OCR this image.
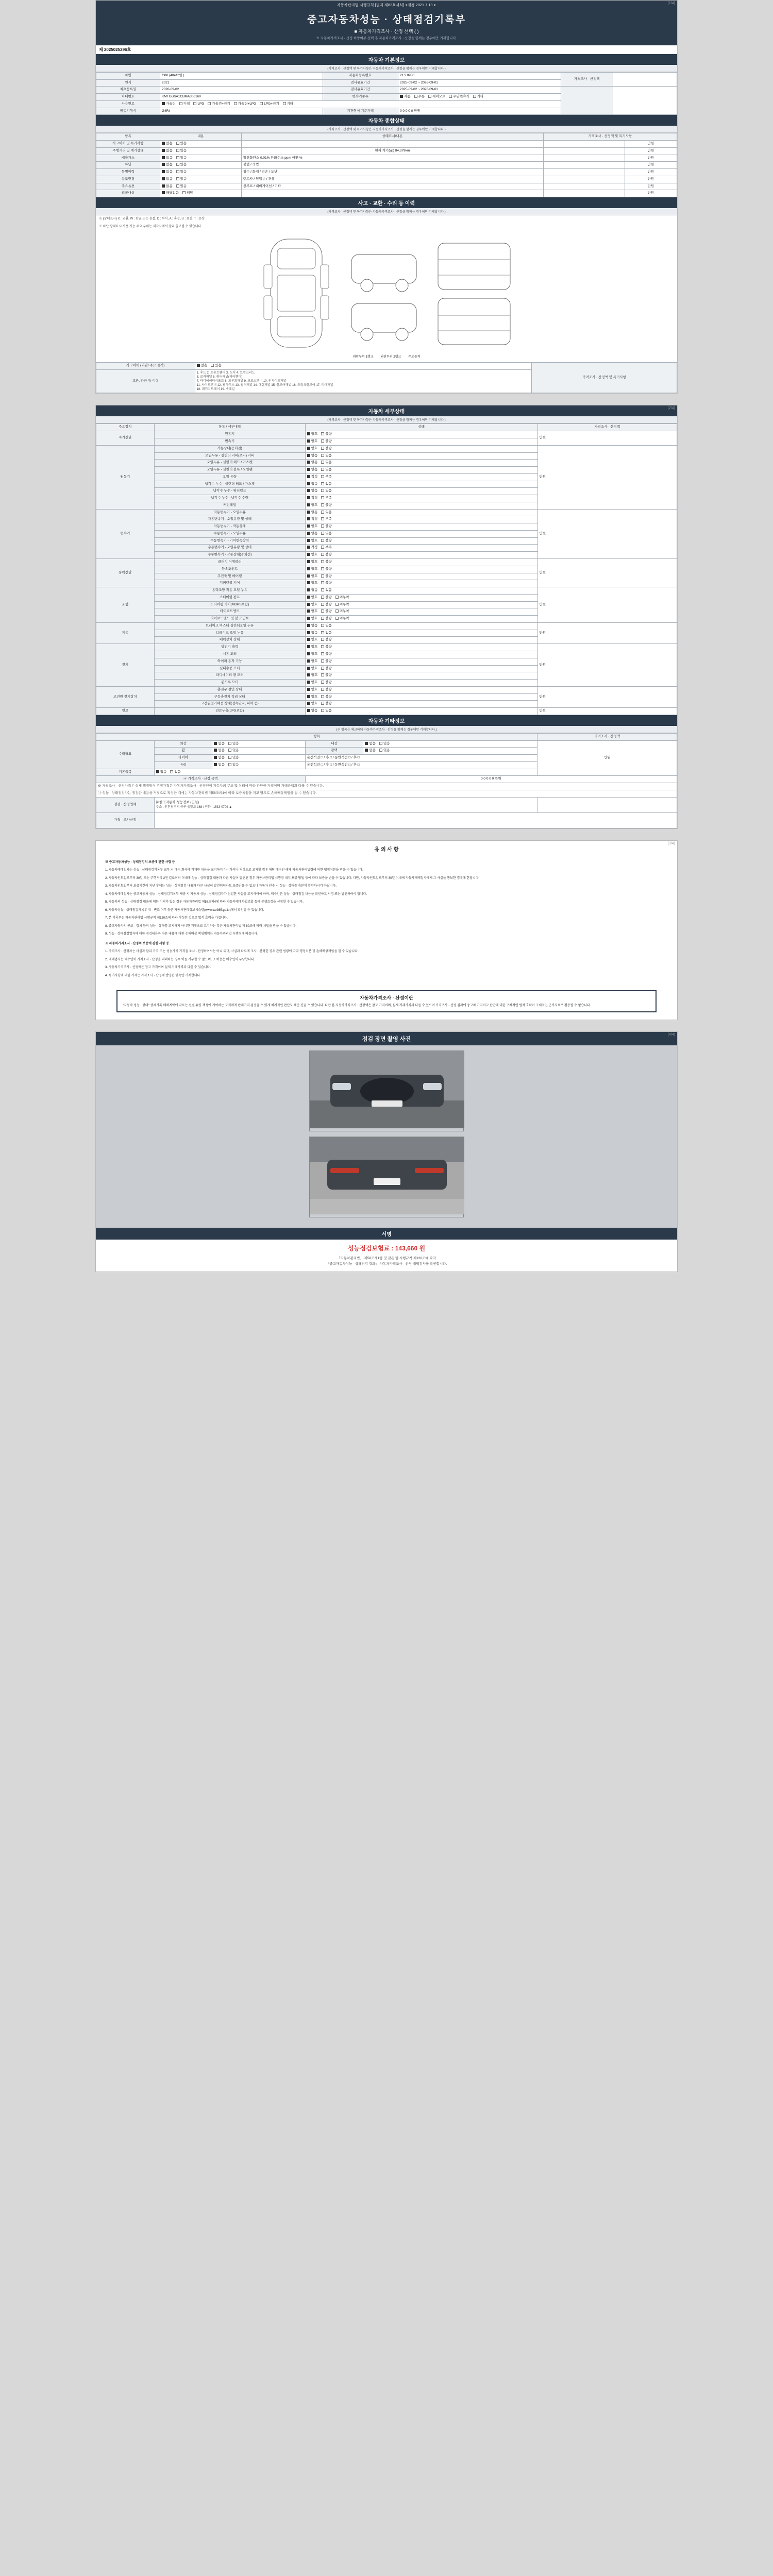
(1/4)
자동차관리법 시행규칙 [별지 제82호서식] <개정 2021.7.13.>
중고자동차성능 · 상태점검기록부
■ 자동차가격조사 · 산정 선택 ( )
※ 자동차가격조사 · 산정 희망여부 선택 후 자동차가격조사 · 산정을 함께는 경우에만 기재합니다.
제 2025025296호
자동차 기본정보
(가격조사 · 산정액 및 특기사항은 자동차가격조사 · 산정을 함께는 경우에만 기재합니다.)
차명	G80 (40e탁일 )	자동차등록번호	21모8980	가격조사 · 산정액	
연식	2021	검사유효기간	2025-09-02 ~ 2026-09-01		
최초등록일	2020-09-02	검사유효기간	2025-09-02 ~ 2026-09-01		
차대번호	KMTGB&A1CBMA306160	변속기종류	자동 수동 세미오토 무단변속기 기타		
사용연료	가솔린 디젤 LPG 가솔린+전기 가솔린+LPG LPG+전기 기타				
원동기형식	G4RI	기관형식 기준가격	0 0 0 0 0 만원		
자동차 종합상태
(가격조사 · 산정액 및 특기사항은 자동차가격조사 · 산정을 함께는 경우에만 기재합니다.)
항목	내용	상태표시/내용	가격조사 · 산정액 및 특기사항	
사고이력 및 특기사항	없음 있음			만원
주행거리 및 계기상태	없음 있음	현재 계기(㎞) 84,379km		만원
배출가스	없음 있음	일산화탄소 0.01% 탄화수소 ppm 매연 %		만원
튜닝	없음 있음	불법 / 적법		만원
특별이력	없음 있음	침수 / 화재 / 전손 / 도난		만원
용도변경	없음 있음	렌트카 / 영업용 / 관용		만원
주요옵션	없음 있음	선루프 / 내비게이션 / 기타		만원
리콜대상	해당없음 해당			만원
사고 · 교환 · 수리 등 이력
(가격조사 · 산정액 및 특기사항은 자동차가격조사 · 산정을 함께는 경우에만 기재합니다.)
※ (상태표시) X : 교환, W : 판금 또는 용접, C : 부식, A : 흠집, U : 요철, T : 손상
※ 하단 상태표시 사용 가능 주요 부위는 제작사에서 달리 출고될 수 있습니다.
외판부위 1랭크 외판부위 2랭크 주요골격
사고이력 (외판/ 주요 골격)	없음 있음	가격조사 · 산정액 및 특기사항
교환, 판금 등 이력	1. 후드 2. 프론트휀더 3. 도어 4. 트렁크리드
5. 로커패널 6. 쿼터패널(리어휀더)
7. 라디에이터서포트 8. 프론트패널 9. 크로스멤버 10. 인사이드패널
11. 사이드멤버 12. 휠하우스 13. 필러패널 14. 대쉬패널 15. 플로어패널 16. 트렁크플로어 17. 리어패널
18. 패키지트레이 19. 백패널	
(2/4)
자동차 세부상태
(가격조사 · 산정액 및 특기사항은 자동차가격조사 · 산정을 함께는 경우에만 기재합니다.)
주요장치	항목 / 세부내역	상태	가격조사 · 산정액
자기진단	원동기	양호 불량	만원
	변속기	양호 불량	
원동기	작동상태(공회전)	양호 불량	만원
	오일누유 - 실린더 커버(로커) 커버	없음 있음	
	오일누유 - 실린더 헤드 / 가스켓	없음 있음	
	오일누유 - 실린더 블록 / 오일팬	없음 있음	
	오일 유량	적정 부족	
	냉각수 누수 - 실린더 헤드 / 가스켓	없음 있음	
	냉각수 누수 - 워터펌프	없음 있음	
	냉각수 누수 - 냉각수 수량	적정 부족	
	커먼레일	양호 불량	
변속기	자동변속기 - 오일누유	없음 있음	만원
	자동변속기 - 오일유량 및 상태	적정 부족	
	자동변속기 - 작동상태	양호 불량	
	수동변속기 - 오일누유	없음 있음	
	수동변속기 - 기어변속장치	양호 불량	
	수동변속기 - 오일유량 및 상태	적정 부족	
	수동변속기 - 작동상태(공회전)	양호 불량	
동력전달	클러치 어셈블리	양호 불량	만원
	등속조인트	양호 불량	
	추진축 및 베어링	양호 불량	
	디퍼렌셜 기어	양호 불량	
조향	동력조향 작동 오일 누유	없음 있음	만원
	스티어링 펌프	양호 불량 미부착	
	스티어링 기어(MDPS포함)	양호 불량 미부착	
	타이로드엔드	양호 불량 미부착	
	타이로드엔드 및 볼 조인트	양호 불량 미부착	
제동	브레이크 마스터 실린더오일 누유	없음 있음	만원
	브레이크 오일 누유	없음 있음	
	배력장치 상태	양호 불량	
전기	발전기 출력	양호 불량	만원
	시동 모터	양호 불량	
	와이퍼 동작 기능	양호 불량	
	실내송풍 모터	양호 불량	
	라디에이터 팬 모터	양호 불량	
	윈도우 모터	양호 불량	
고전원 전기장치	충전구 절연 상태	양호 불량	만원
	구동축전지 격리 상태	양호 불량	
	고전원전기배선 상태(접속단자, 피복 등)	양호 불량	
연료	연료누출(LPG포함)	없음 있음	만원
자동차 기타정보
(※ 항목은 체크하되 자동차가격조사 · 산정을 함께는 경우에만 기재합니다.)
항목					가격조사 · 산정액
수리필요	외장	없음 있음	내장	없음 있음	만원
	휠	없음 있음	광택	없음 있음	
	타이어	없음 있음	운전석전 □ / 후 □ / 동반석전 □ / 후 □		
	유리	없음 있음	운전석전 □ / 후 □ / 동반석전 □ / 후 □		
기본품목	없음 있음				
☞ 가격조사 · 산정 금액			0 0 0 0 0 만원		
※ 가격조사 · 산정가격은 실제 책정방식 추정가격은 자동차가격조사 · 산정인이 자동차의 구조 및 상태에 따라 판단한 가격이며 거래금액과 다를 수 있습니다.					
㉠ 성능 · 상태점검자는 점검한 내용을 거짓으로 작성한 때에는 자동차관리법 제58조의4에 따라 보증책임을 지고 별도로 손해배상책임을 질 수 있습니다.					
점검 · 산정업체	㈜한국자동차 성능정보 (인천)
주소 : 인천광역시 중구 샘밭로 168 / 전화 : 1533-0709 ▲				

가격 · 조사산정					
(3/4)
유 의 사 항

※ 중고자동차성능 · 상태점검의 보증에 관한 사항 등

1. 자동차매매업자는 성능 · 상태점검기록부 교부 시 매수 회사에 기재한 내용을 교지하지 아니하거나 거짓으로 교지할 경우 해당 매수인 에게 자동차관리법령에 의한 행정처분을 받을 수 있습니다.

2. 자동차인도일로부터 30일 또는 주행거리 2천 킬로미터 이내에 성능 · 상태점검 내용과 다른 사실이 발견된 경우 자동차관리법 시행령 내지 보증 방법 등에 따라 보증을 받을 수 있습니다. 다만, 자동차인도일로부터 30일 이내에 자동차매매업자에게 그 사실을 통보한 경우에 한합니다.

3. 자동차인도일부터 보증기간이 지난 후에는 성능 · 상태점검 내용과 다른 사실이 발견되더라도 보증받을 수 없으니 자동차 인수 시 성능 · 상태를 충분히 확인하시기 바랍니다.

4. 자동차매매업자는 중고자동차 성능 · 상태점검기록부 제공 시 자동차 성능 · 상태점검자가 점검한 사실을 고지하여야 하며, 매수인은 성능 · 상태점검 내용을 확인하고 서명 또는 날인하여야 합니다.

5. 자동차의 성능 · 상태점검 내용에 대한 이의가 있는 경우 자동차관리법 제58조의4에 따라 자동차매매사업조합 등에 분쟁조정을 신청할 수 있습니다.

6. 자동차성능 · 상태점검기록부 위 · 변조 여부 등은 자동차관리정보시스템(www.car365.go.kr)에서 확인할 수 있습니다.

7. 본 기록부는 자동차관리법 시행규칙 제120조에 따라 작성된 것으로 법적 효력을 가집니다.

8. 중고자동차의 구조 · 장치 등의 성능 · 상태를 고지하지 아니한 거짓으로 고지하는 것은 자동차관리법 제 80조에 따라 처벌을 받을 수 있습니다.

9. 성능 · 상태점검업자에 대한 점검내용과 다른 내용에 대한 손해배상 책임범위는 자동차관리법 시행령에 따릅니다.

※ 자동차가격조사 · 산정의 보증에 관한 사항 등

1. 가격조사 · 산정자는 사실과 달리 가격 또는 성능가치 가격을 조사 · 산정하여서는 아니 되며, 사실과 다르게 조사 · 산정한 경우 관련 법령에 따라 행정처분 및 손해배상책임을 질 수 있습니다.

2. 매매업자는 매수인이 가격조사 · 산정을 의뢰하는 경우 이를 거부할 수 없으며, 그 비용은 매수인이 부담합니다.

3. 자동차가격조사 · 산정액은 참고 가격이며 실제 거래가격과 다를 수 있습니다.

4. 특기사항에 대한 기재는 가격조사 · 산정에 반영된 항목만 기재합니다.

자동차가격조사 · 산정이란
"자동차 성능 · 상태" 상세기록 매매계약에 따르는 선별 유량 책정에 기여하는 고객에게 판매가격 검증을 수 있게 체계적인 판단도 해준 진술 수 있습니다. 다만 본 자동차가격조사 · 산정액은 참고 가격이며, 실제 거래가격과 다를 수 있으며 가격조사 · 산정 결과에 중고차 가격비교 판단에 대한 구체적인 법적 효력이 구체적인 근거자료로 활용될 수 없습니다.
(4/4)
점검 장면 촬영 사진
서명
성능점검보험료 : 143,660 원
「자동차관리법」 제58조제1항 및 같은 법 시행규칙 제120조에 따라
「중고자동차성능 · 상태점검 결과」 자동차가격조사 · 산정 내역검사를 확인합니다.
